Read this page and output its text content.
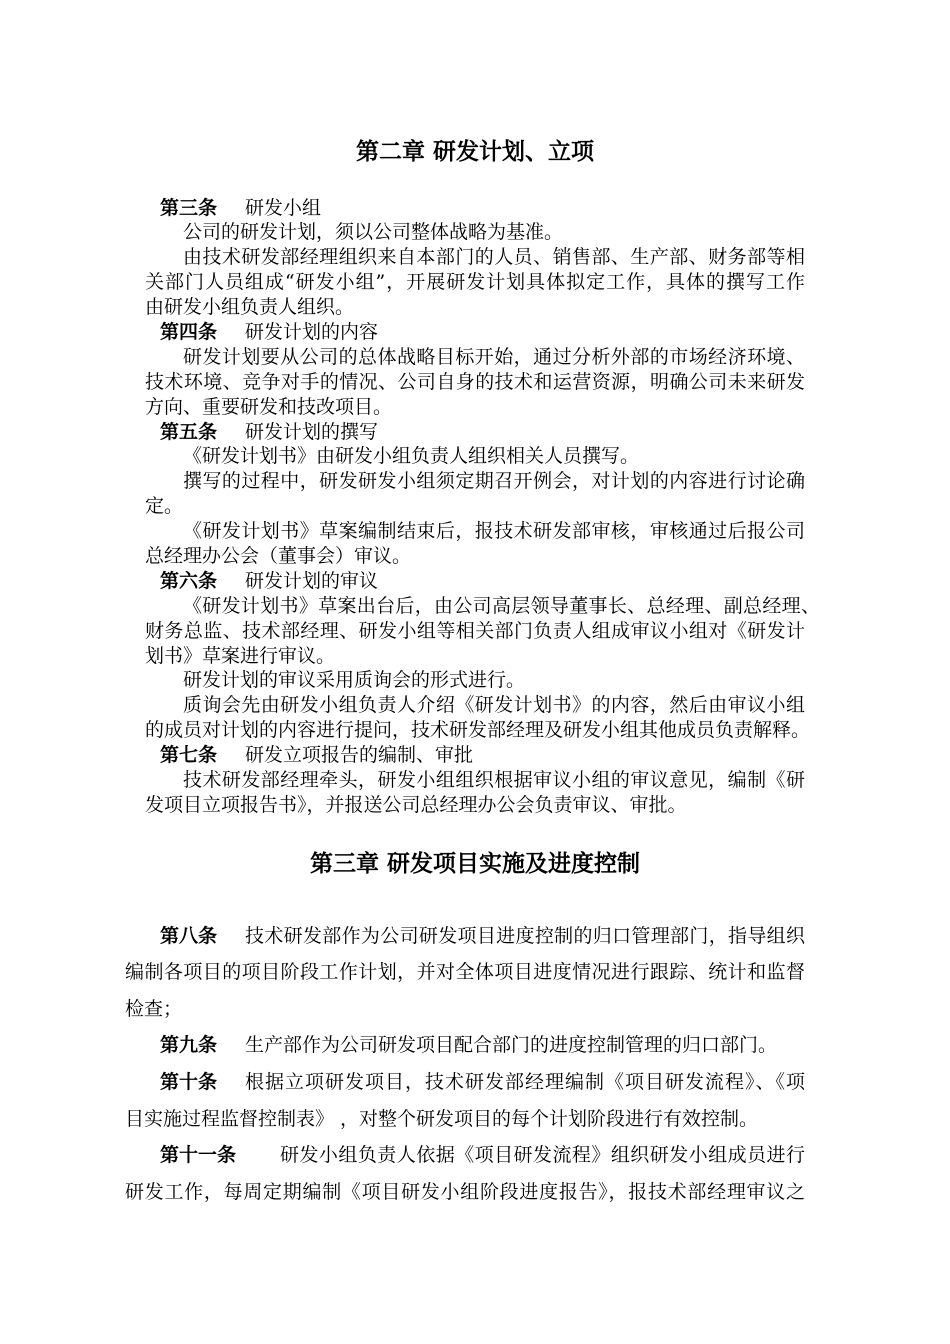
第二章 研发计划、立项
第三条 研发小组
公司的研发计划，须以公司整体战略为基准。
由技术研发部经理组织来自本部门的人员、销售部、生产部、财务部等相
关部门人员组成“研发小组”，开展研发计划具体拟定工作，具体的撰写工作
由研发小组负责人组织。
第四条 研发计划的内容
研发计划要从公司的总体战略目标开始，通过分析外部的市场经济环境、
技术环境、竞争对手的情况、公司自身的技术和运营资源，明确公司未来研发
方向、重要研发和技改项目。
第五条 研发计划的撰写
《研发计划书》由研发小组负责人组织相关人员撰写。
撰写的过程中，研发研发小组须定期召开例会，对计划的内容进行讨论确
定。
《研发计划书》草案编制结束后，报技术研发部审核，审核通过后报公司
总经理办公会（董事会）审议。
第六条 研发计划的审议
《研发计划书》草案出台后，由公司高层领导董事长、总经理、副总经理、
财务总监、技术部经理、研发小组等相关部门负责人组成审议小组对《研发计
划书》草案进行审议。
研发计划的审议采用质询会的形式进行。
质询会先由研发小组负责人介绍《研发计划书》的内容，然后由审议小组
的成员对计划的内容进行提问，技术研发部经理及研发小组其他成员负责解释。
第七条 研发立项报告的编制、审批
技术研发部经理牵头，研发小组组织根据审议小组的审议意见，编制《研
发项目立项报告书》，并报送公司总经理办公会负责审议、审批。
第三章 研发项目实施及进度控制
第八条	技术研发部作为公司研发项目进度控制的归口管理部门，指导组织
编制各项目的项目阶段工作计划，并对全体项目进度情况进行跟踪、统计和监督
检查；
第九条	生产部作为公司研发项目配合部门的进度控制管理的归口部门。
第十条	根据立项研发项目，技术研发部经理编制《项目研发流程》、《项
目实施过程监督控制表》 ，对整个研发项目的每个计划阶段进行有效控制。
第十一条	研发小组负责人依据《项目研发流程》组织研发小组成员进行
研发工作，每周定期编制《项目研发小组阶段进度报告》，报技术部经理审议之
